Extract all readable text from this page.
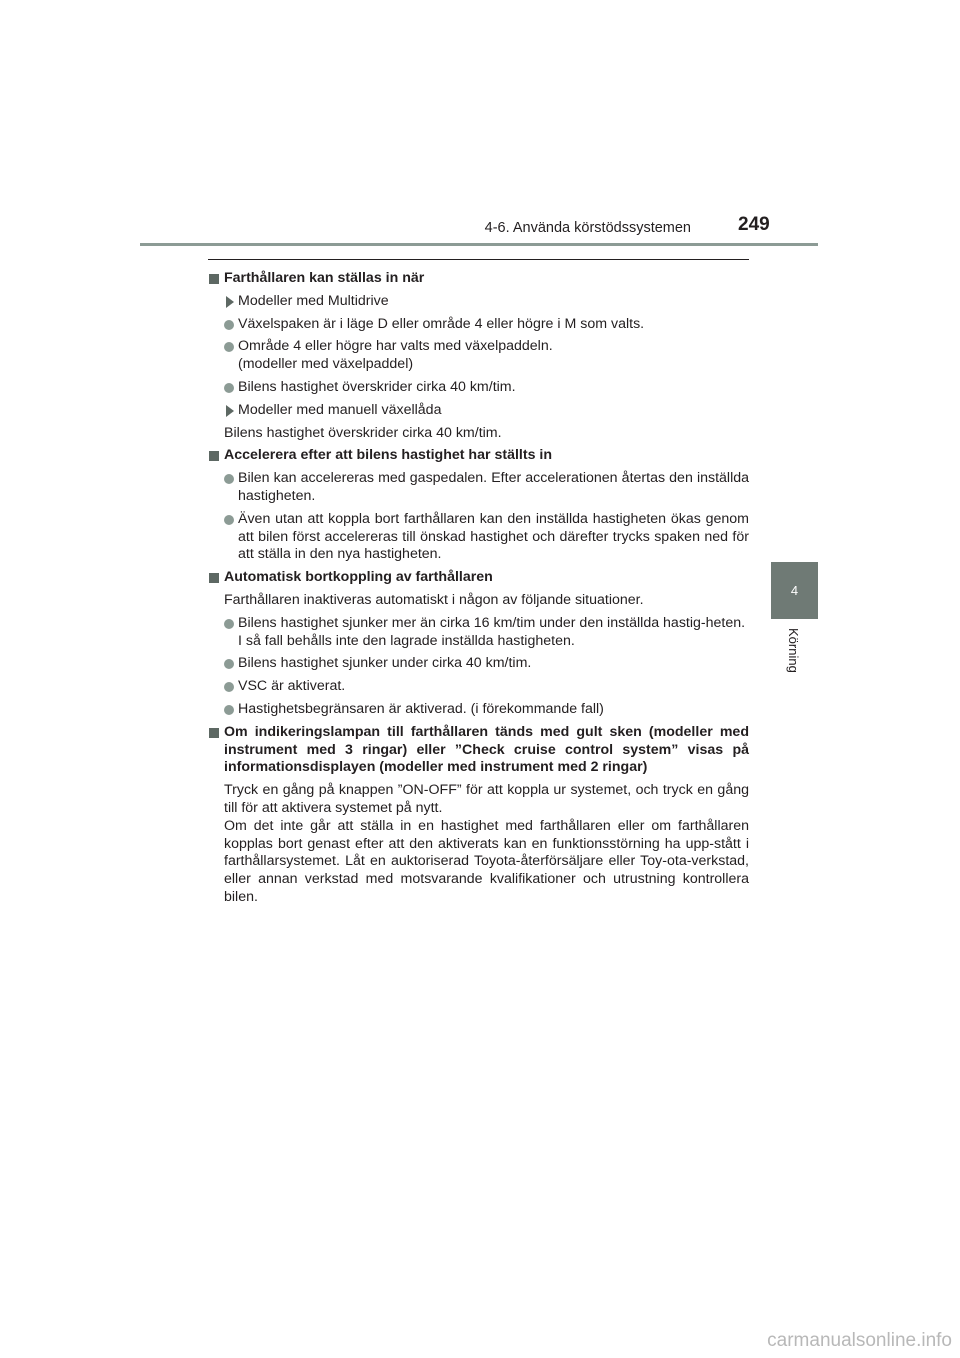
4-6. Använda körstödssystemen 249
4
Körning
Farthållaren kan ställas in när
Modeller med Multidrive
Växelspaken är i läge D eller område 4 eller högre i M som valts.
Område 4 eller högre har valts med växelpaddeln.
(modeller med växelpaddel)
Bilens hastighet överskrider cirka 40 km/tim.
Modeller med manuell växellåda
Bilens hastighet överskrider cirka 40 km/tim.
Accelerera efter att bilens hastighet har ställts in
Bilen kan accelereras med gaspedalen. Efter accelerationen återtas den inställda hastigheten.
Även utan att koppla bort farthållaren kan den inställda hastigheten ökas genom att bilen först accelereras till önskad hastighet och därefter trycks spaken ned för att ställa in den nya hastigheten.
Automatisk bortkoppling av farthållaren
Farthållaren inaktiveras automatiskt i någon av följande situationer.
Bilens hastighet sjunker mer än cirka 16 km/tim under den inställda hastig-heten.
I så fall behålls inte den lagrade inställda hastigheten.
Bilens hastighet sjunker under cirka 40 km/tim.
VSC är aktiverat.
Hastighetsbegränsaren är aktiverad. (i förekommande fall)
Om indikeringslampan till farthållaren tänds med gult sken (modeller med instrument med 3 ringar) eller ”Check cruise control system” visas på informationsdisplayen (modeller med instrument med 2 ringar)
Tryck en gång på knappen ”ON-OFF” för att koppla ur systemet, och tryck en gång till för att aktivera systemet på nytt.
Om det inte går att ställa in en hastighet med farthållaren eller om farthållaren kopplas bort genast efter att den aktiverats kan en funktionsstörning ha upp-stått i farthållarsystemet. Låt en auktoriserad Toyota-återförsäljare eller Toy-ota-verkstad, eller annan verkstad med motsvarande kvalifikationer och utrustning kontrollera bilen.
carmanualsonline.info
